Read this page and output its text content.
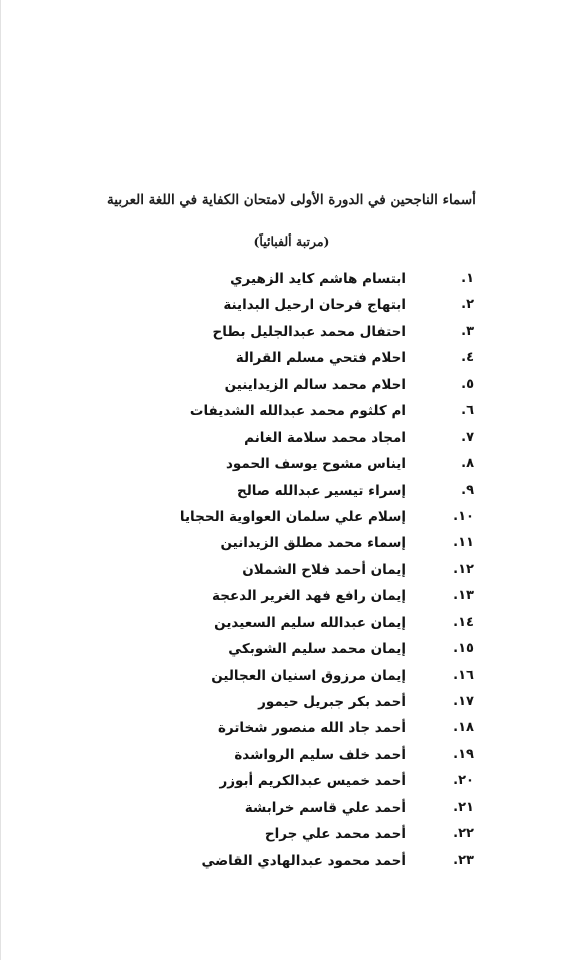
أسماء الناجحين في الدورة الأولى لامتحان الكفاية في اللغة العربية
(مرتبة ألفبائياً)
١.
ابتسام هاشم كايد الزهيري
٢.
ابتهاج فرحان ارحيل البداينة
٣.
احتفال محمد عبدالجليل بطاح
٤.
احلام فتحي مسلم القرالة
٥.
احلام محمد سالم الزيداينين
٦.
ام كلثوم محمد عبدالله الشديفات
٧.
امجاد محمد سلامة الغانم
٨.
ايناس مشوح يوسف الحمود
٩.
إسراء تيسير عبدالله صالح
١٠.
إسلام علي سلمان العواوية الحجايا
١١.
إسماء محمد مطلق الزيدانين
١٢.
إيمان أحمد فلاح الشملان
١٣.
إيمان رافع فهد الغرير الدعجة
١٤.
إيمان عبدالله سليم السعيدين
١٥.
إيمان محمد سليم الشوبكي
١٦.
إيمان مرزوق اسنيان العجالين
١٧.
أحمد بكر جبريل حيمور
١٨.
أحمد جاد الله منصور شخاترة
١٩.
أحمد خلف سليم الرواشدة
٢٠.
أحمد خميس عبدالكريم أبوزر
٢١.
أحمد علي قاسم خرابشة
٢٢.
أحمد محمد علي جراح
٢٣.
أحمد محمود عبدالهادي القاضي
